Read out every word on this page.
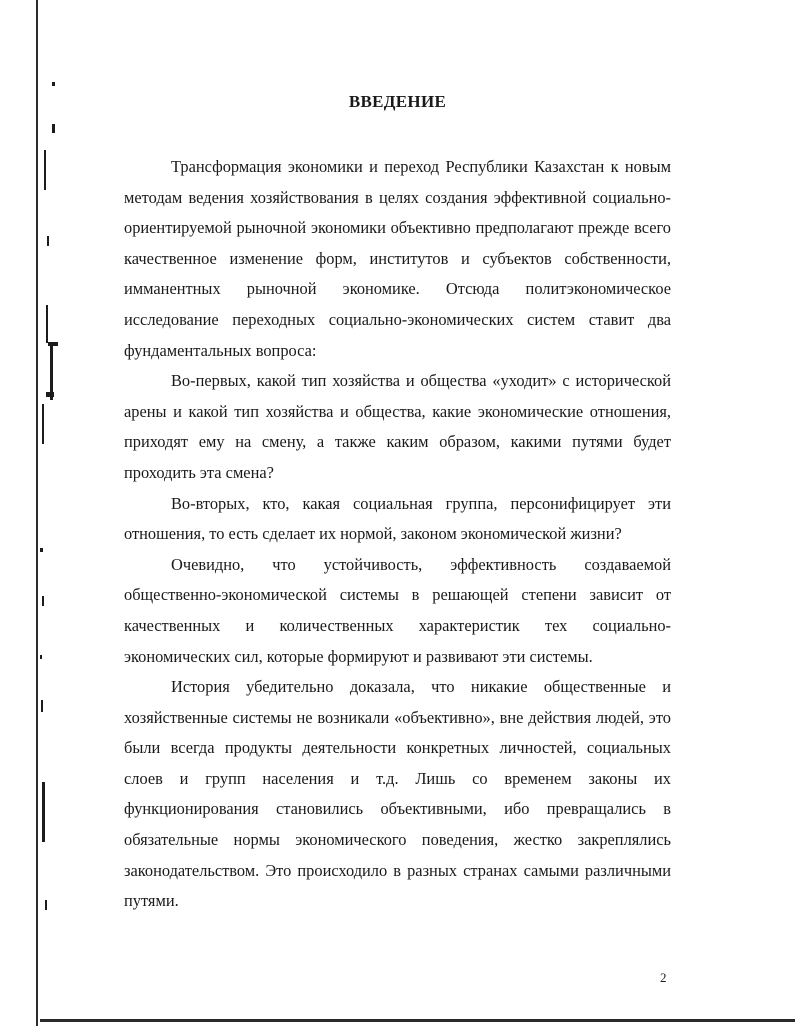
ВВЕДЕНИЕ

Трансформация экономики и переход Республики Казахстан к новым методам ведения хозяйствования в целях создания эффективной социально-ориентируемой рыночной экономики объективно предполагают прежде всего качественное изменение форм, институтов и субъектов собственности, имманентных рыночной экономике. Отсюда политэкономическое исследование переходных социально-экономических систем ставит два фундаментальных вопроса:

Во-первых, какой тип хозяйства и общества «уходит» с исторической арены и какой тип хозяйства и общества, какие экономические отношения, приходят ему на смену, а также каким образом, какими путями будет проходить эта смена?

Во-вторых, кто, какая социальная группа, персонифицирует эти отношения, то есть сделает их нормой, законом экономической жизни?

Очевидно, что устойчивость, эффективность создаваемой общественно-экономической системы в решающей степени зависит от качественных и количественных характеристик тех социально-экономических сил, которые формируют и развивают эти системы.

История убедительно доказала, что никакие общественные и хозяйственные системы не возникали «объективно», вне действия людей, это были всегда продукты деятельности конкретных личностей, социальных слоев и групп населения и т.д. Лишь со временем законы их функционирования становились объективными, ибо превращались в обязательные нормы экономического поведения, жестко закреплялись законодательством. Это происходило в разных странах самыми различными путями.

2
